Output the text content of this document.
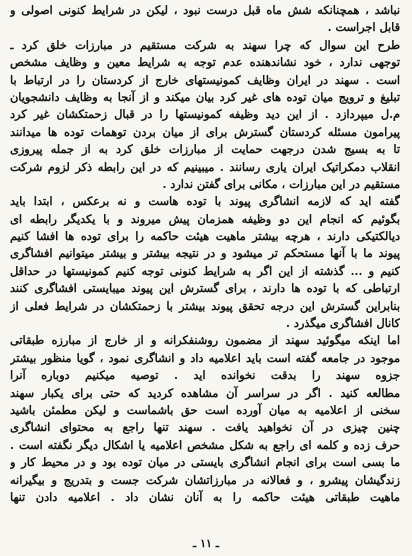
نباشد ، همچنانکه شش ماه قبل درست نبود ، لیکن در شرایط کنونی اصولی و
قابل اجراست .
طرح این سوال که چرا سهند به شرکت مستقیم در مبارزات خلق کرد ـ
توجهی ندارد ، خود نشاندهنده عدم توجه به شرایط معین و وظایف مشخص
است . سهند در ایران وظایف کمونیستهای خارج از کردستان را در ارتباط با
تبلیغ و ترویج میان توده های غیر کرد بیان میکند و از آنجا به وظایف دانشجویان
م.ل میپردازد . از این دید وظیفه کمونیستها را در قبال زحمتکشان غیر کرد
پیرامون مسئله کردستان گسترش برای از میان بردن توهمات توده ها میدانند
تا به بسیج شدن درجهت حمایت از مبارزات خلق کرد به از جمله پیروزی
انقلاب دمکراتیک ایران یاری رسانند . میبینیم که در این رابطه ذکر لزوم شرکت
مستقیم در این مبارزات ، مکانی برای گفتن ندارد .
گفته اید که لازمه انشاگری پیوند با توده هاست و نه برعکس ، ابتدا باید
بگوئیم که انجام این دو وظیفه همزمان پیش میروند و با یکدیگر رابطه ای
دیالکتیکی دارند ، هرچه بیشتر ماهیت هیئت حاکمه را برای توده ها افشا کنیم
پیوند ما با آنها مستحکم تر میشود و در نتیجه بیشتر و بیشتر میتوانیم افشاگری
کنیم و ... گذشته از این اگر به شرایط کنونی توجه کنیم کمونیستها در حداقل
ارتباطی که با توده ها دارند ، برای گسترش این پیوند میبایستی افشاگری کنند
بنابراین گسترش این درجه تحقق پیوند بیشتر با زحمتکشان در شرایط فعلی از
کانال افشاگری میگذرد .
اما اینکه میگوئید سهند از مضمون روشنفکرانه و از خارج از مبارزه طبقاتی
موجود در جامعه گفته است باید اعلامیه داد و انشاگری نمود ، گویا منظور بیشتر
جزوه سهند را بدقت نخوانده اید . توصیه میکنیم دوباره آنرا
مطالعه کنید . اگر در سراسر آن مشاهده کردید که حتی برای یکبار سهند
سخنی از اعلامیه به میان آورده است حق باشماست و لیکن مطمئن باشید
چنین چیزی در آن نخواهید یافت . سهند تنها راجع به محتوای انشاگری
حرف زده و کلمه ای راجع به شکل مشخص اعلامیه یا اشکال دیگر نگفته است .
ما بسی است برای انجام انشاگری بایستی در میان توده بود و در محیط کار و
زندگیشان پیشرو ، و فعالانه در مبارزاتشان شرکت جست و بتدریج و بیگیرانه
ماهیت طبقاتی هیئت حاکمه را به آنان نشان داد . اعلامیه دادن تنها
ـ ۱۱ ـ
